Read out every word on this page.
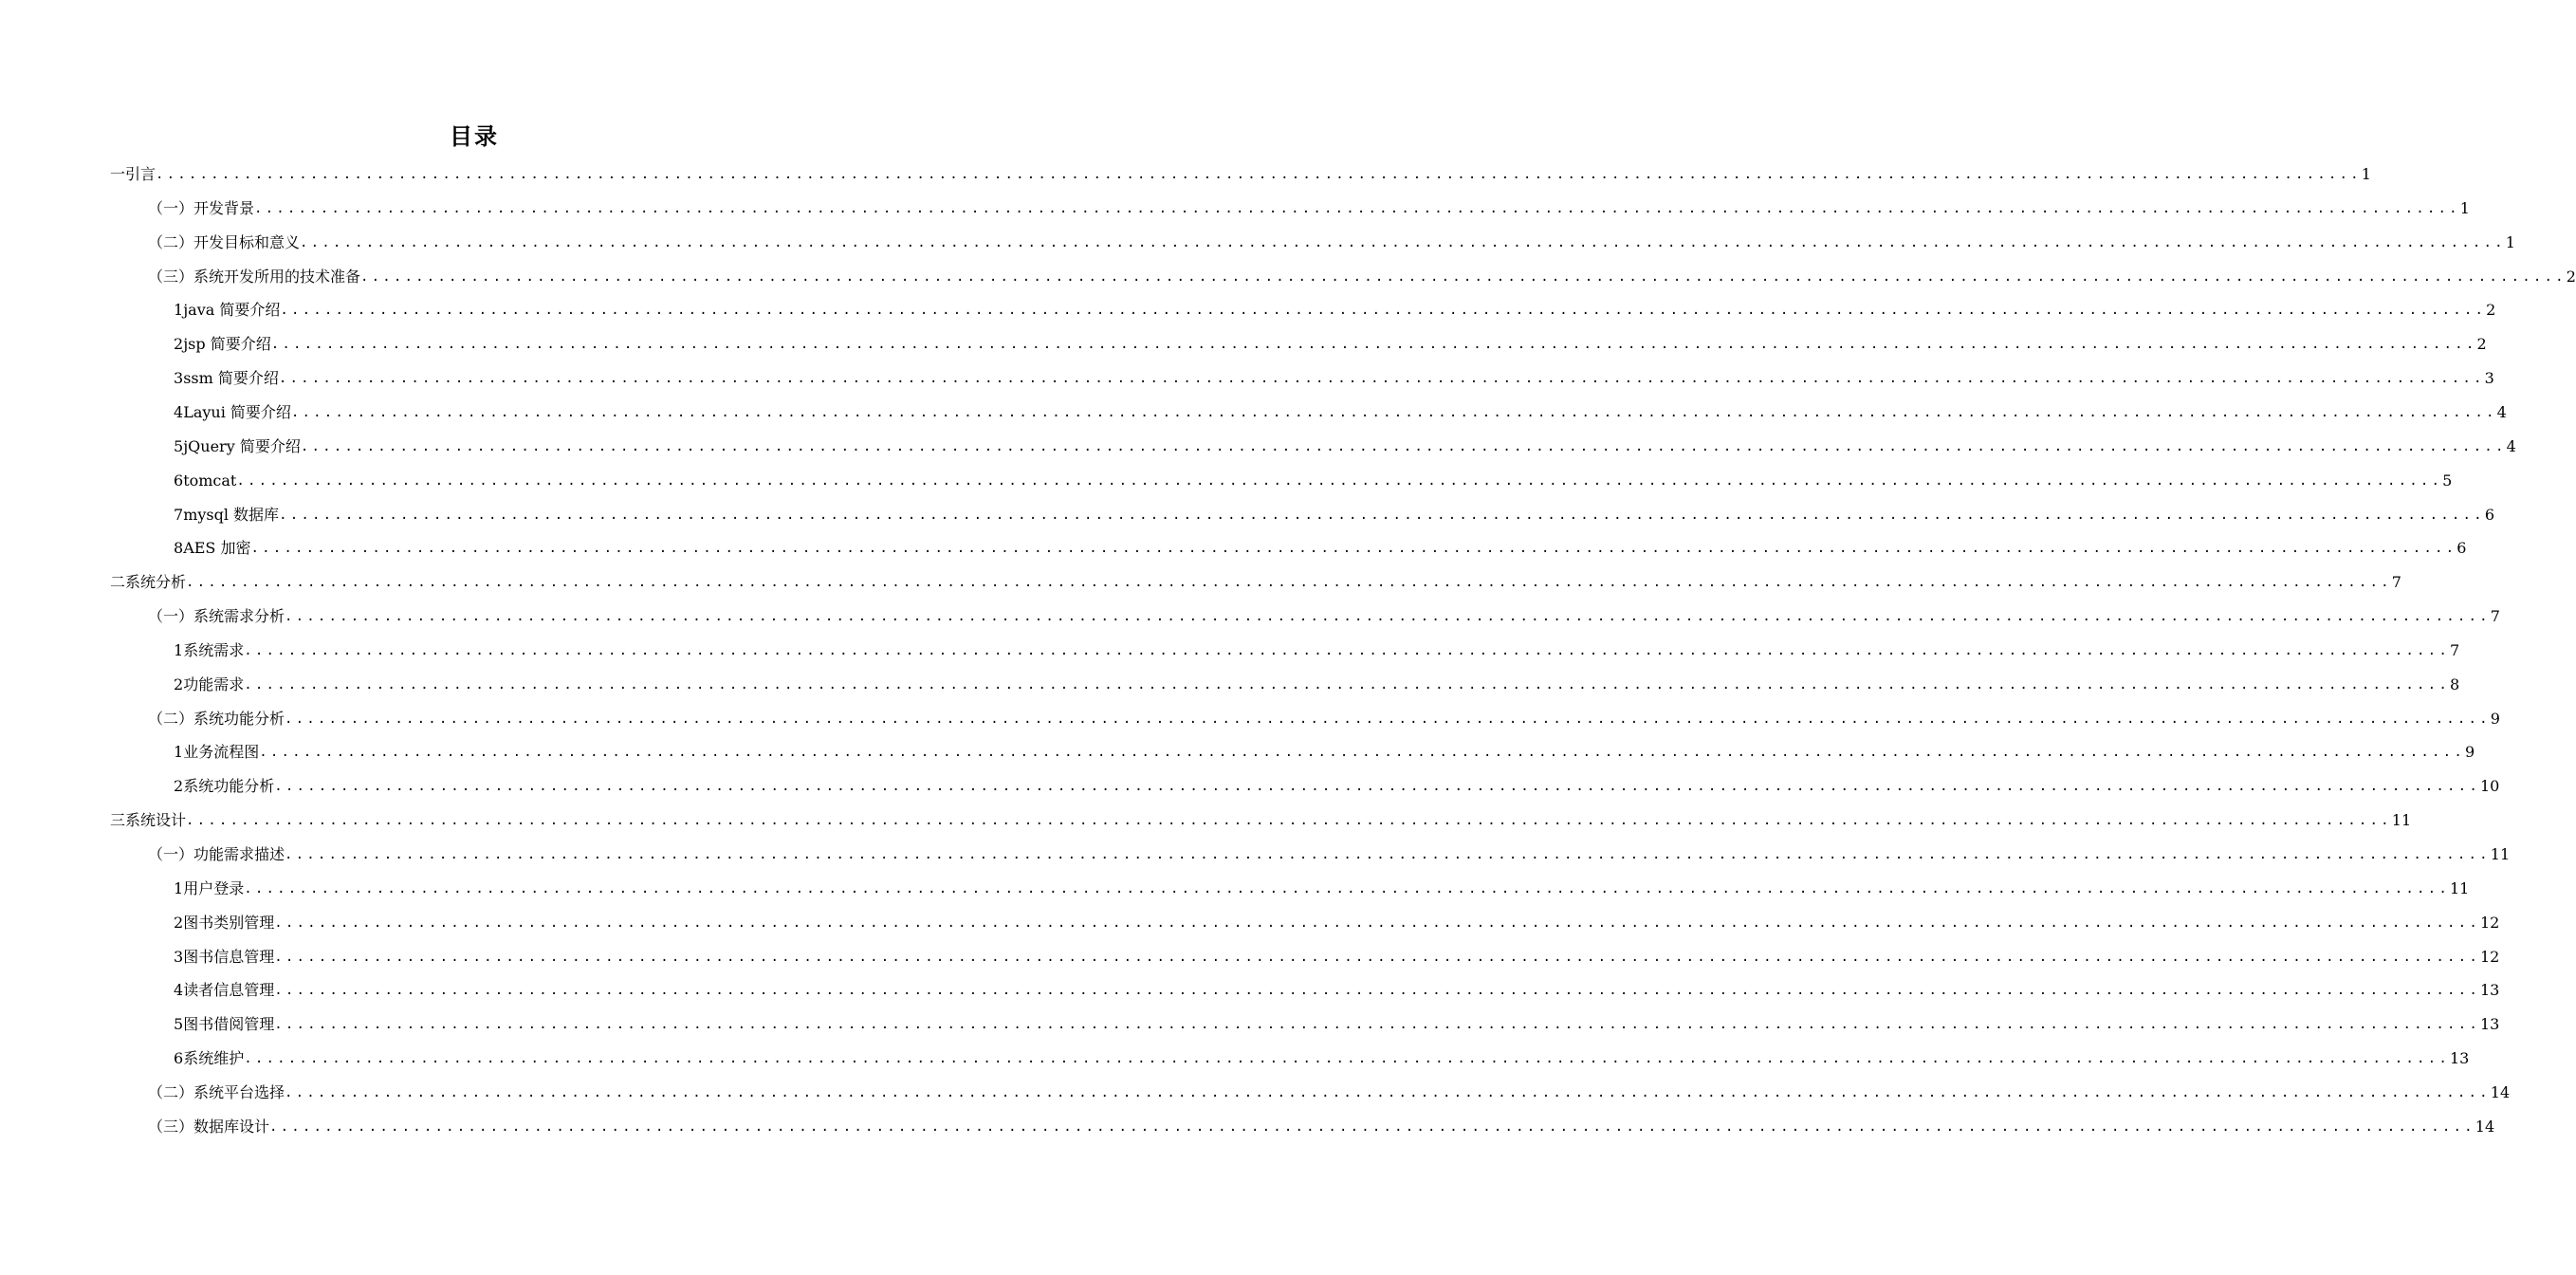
目录
一 引言 ........................................................................................................................................................................................................ 1
（一） 开发背景 ........................................................................................................................................................................................................ 1
（二） 开发目标和意义 ........................................................................................................................................................................................................ 1
（三） 系统开发所用的技术准备 ........................................................................................................................................................................................................ 2
1 java 简要介绍 ........................................................................................................................................................................................................ 2
2 jsp 简要介绍 ........................................................................................................................................................................................................ 2
3 ssm 简要介绍 ........................................................................................................................................................................................................ 3
4 Layui 简要介绍 ........................................................................................................................................................................................................ 4
5 jQuery 简要介绍 ........................................................................................................................................................................................................ 4
6 tomcat ........................................................................................................................................................................................................ 5
7 mysql 数据库 ........................................................................................................................................................................................................ 6
8 AES 加密 ........................................................................................................................................................................................................ 6
二 系统分析 ........................................................................................................................................................................................................ 7
（一） 系统需求分析 ........................................................................................................................................................................................................ 7
1 系统需求 ........................................................................................................................................................................................................ 7
2 功能需求 ........................................................................................................................................................................................................ 8
（二） 系统功能分析 ........................................................................................................................................................................................................ 9
1 业务流程图 ........................................................................................................................................................................................................ 9
2 系统功能分析 ........................................................................................................................................................................................................ 10
三 系统设计 ........................................................................................................................................................................................................ 11
（一） 功能需求描述 ........................................................................................................................................................................................................ 11
1 用户登录 ........................................................................................................................................................................................................ 11
2 图书类别管理 ........................................................................................................................................................................................................ 12
3 图书信息管理 ........................................................................................................................................................................................................ 12
4 读者信息管理 ........................................................................................................................................................................................................ 13
5 图书借阅管理 ........................................................................................................................................................................................................ 13
6 系统维护 ........................................................................................................................................................................................................ 13
（二） 系统平台选择 ........................................................................................................................................................................................................ 14
（三） 数据库设计 ........................................................................................................................................................................................................ 14
